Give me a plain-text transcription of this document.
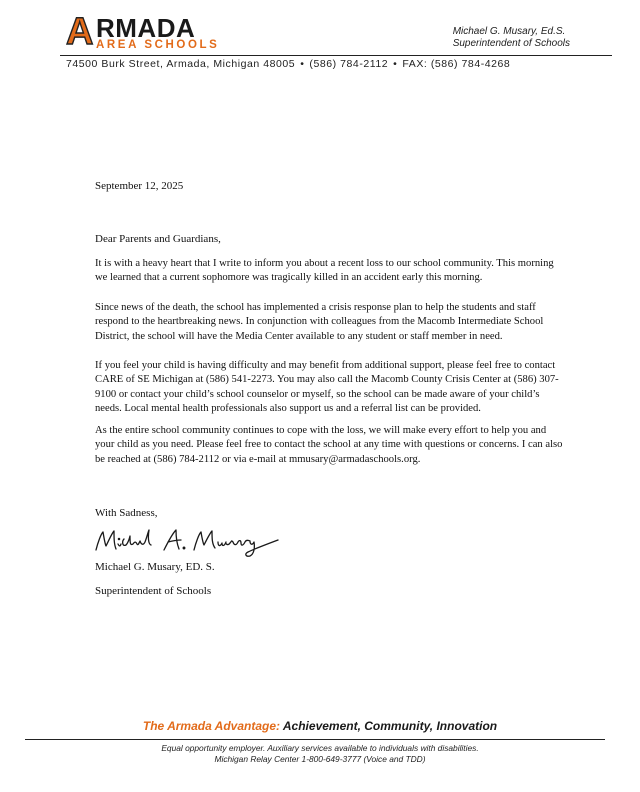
A RMADA
AREA SCHOOLS
Michael G. Musary, Ed.S.
Superintendent of Schools
74500 Burk Street, Armada, Michigan 48005 • (586) 784-2112 • FAX: (586) 784-4268
September 12, 2025
Dear Parents and Guardians,
It is with a heavy heart that I write to inform you about a recent loss to our school community. This morning we learned that a current sophomore was tragically killed in an accident early this morning.
Since news of the death, the school has implemented a crisis response plan to help the students and staff respond to the heartbreaking news. In conjunction with colleagues from the Macomb Intermediate School District, the school will have the Media Center available to any student or staff member in need.
If you feel your child is having difficulty and may benefit from additional support, please feel free to contact CARE of SE Michigan at (586) 541-2273. You may also call the Macomb County Crisis Center at (586) 307-9100 or contact your child’s school counselor or myself, so the school can be made aware of your child’s needs. Local mental health professionals also support us and a referral list can be provided.
As the entire school community continues to cope with the loss, we will make every effort to help you and your child as you need. Please feel free to contact the school at any time with questions or concerns. I can also be reached at (586) 784-2112 or via e-mail at mmusary@armadaschools.org.
With Sadness,
Michael G. Musary, ED. S.
Superintendent of Schools
The Armada Advantage: Achievement, Community, Innovation
Equal opportunity employer. Auxiliary services available to individuals with disabilities.
Michigan Relay Center 1-800-649-3777 (Voice and TDD)
